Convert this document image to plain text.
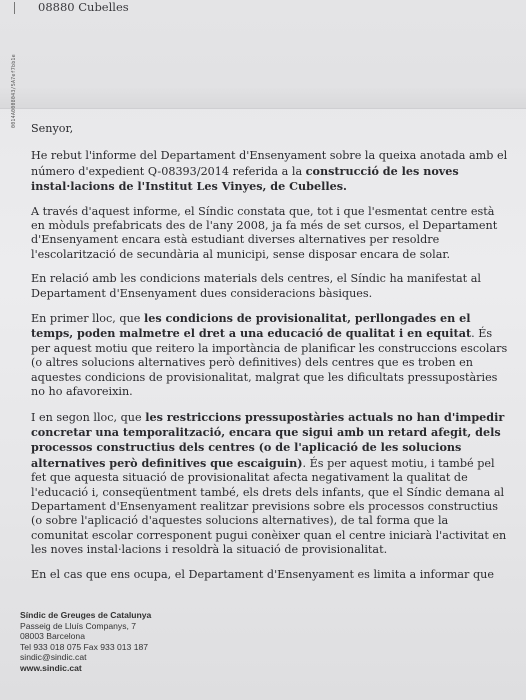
08880 Cubelles
0014A0008043/5A7ef7bb1e

Senyor,

He rebut l'informe del Departament d'Ensenyament sobre la queixa anotada amb el número d'expedient Q-08393/2014 referida a la construcció de les noves instal·lacions de l'Institut Les Vinyes, de Cubelles.

A través d'aquest informe, el Síndic constata que, tot i que l'esmentat centre està en mòduls prefabricats des de l'any 2008, ja fa més de set cursos, el Departament d'Ensenyament encara està estudiant diverses alternatives per resoldre l'escolarització de secundària al municipi, sense disposar encara de solar.

En relació amb les condicions materials dels centres, el Síndic ha manifestat al Departament d'Ensenyament dues consideracions bàsiques.

En primer lloc, que les condicions de provisionalitat, perllongades en el temps, poden malmetre el dret a una educació de qualitat i en equitat. És per aquest motiu que reitero la importància de planificar les construccions escolars (o altres solucions alternatives però definitives) dels centres que es troben en aquestes condicions de provisionalitat, malgrat que les dificultats pressupostàries no ho afavoreixin.

I en segon lloc, que les restriccions pressupostàries actuals no han d'impedir concretar una temporalització, encara que sigui amb un retard afegit, dels processos constructius dels centres (o de l'aplicació de les solucions alternatives però definitives que escaiguin). És per aquest motiu, i també pel fet que aquesta situació de provisionalitat afecta negativament la qualitat de l'educació i, conseqüentment també, els drets dels infants, que el Síndic demana al Departament d'Ensenyament realitzar previsions sobre els processos constructius (o sobre l'aplicació d'aquestes solucions alternatives), de tal forma que la comunitat escolar corresponent pugui conèixer quan el centre iniciarà l'activitat en les noves instal·lacions i resoldrà la situació de provisionalitat.

En el cas que ens ocupa, el Departament d'Ensenyament es limita a informar que

Síndic de Greuges de Catalunya
Passeig de Lluís Companys, 7
08003 Barcelona
Tel 933 018 075 Fax 933 013 187
sindic@sindic.cat
www.sindic.cat
